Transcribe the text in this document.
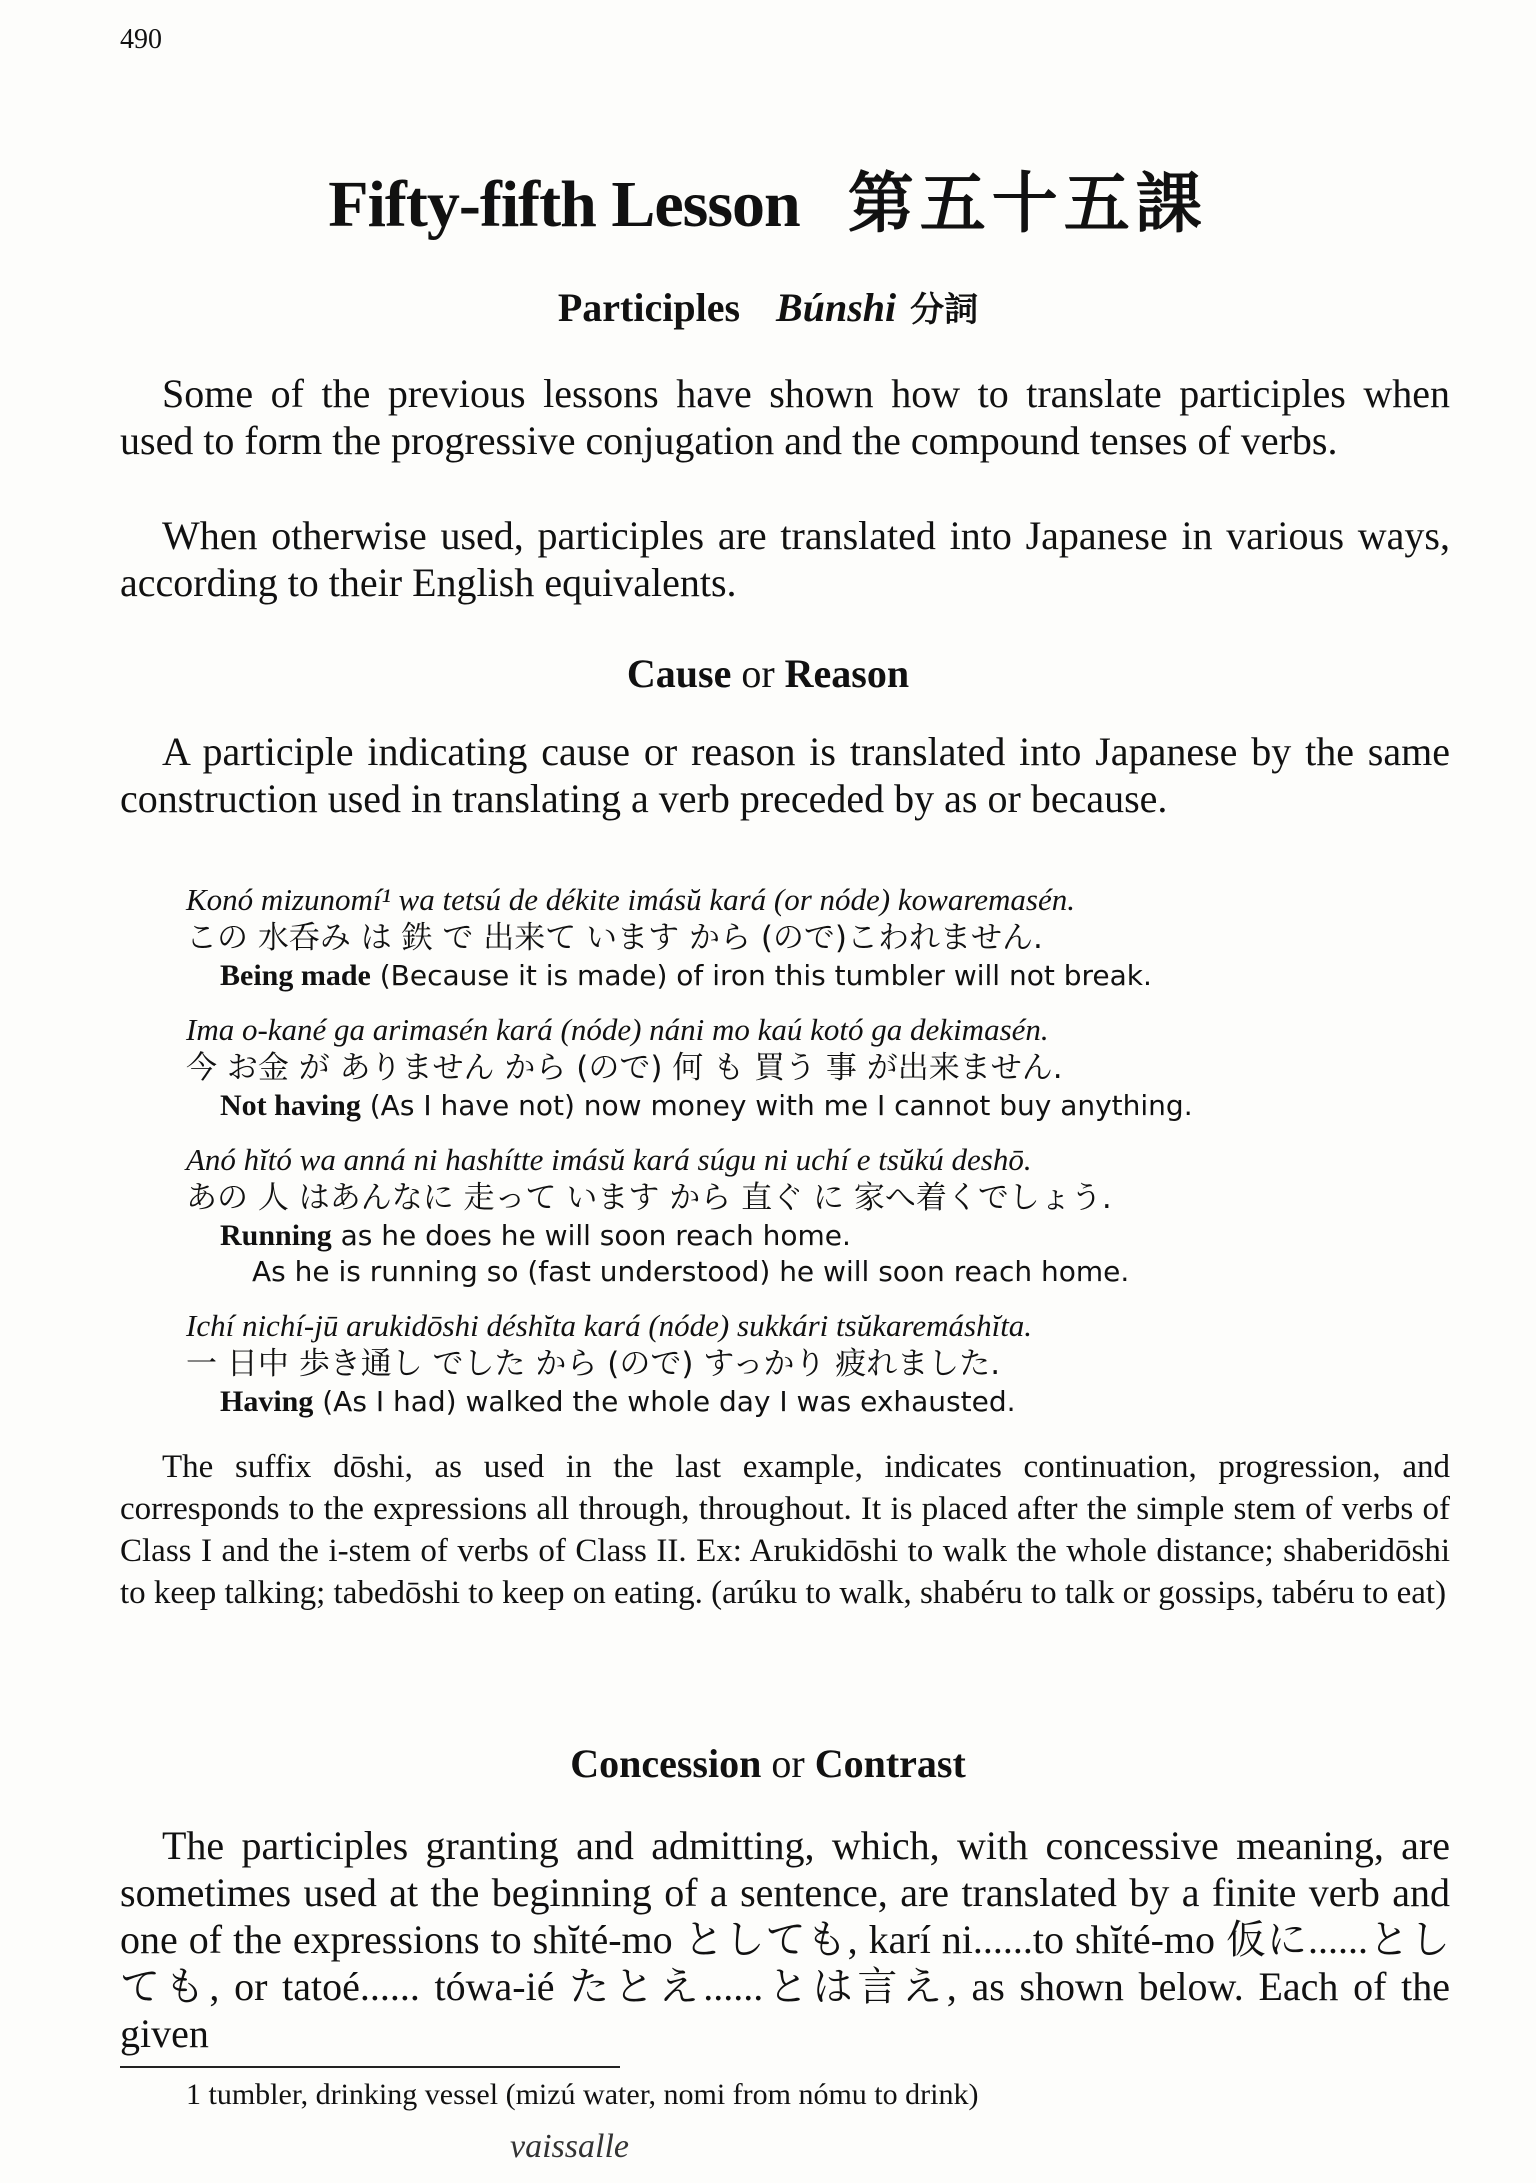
490
Fifty-fifth Lesson 第五十五課
Participles Búnshi 分詞
Some of the previous lessons have shown how to translate participles when used to form the progressive conjugation and the compound tenses of verbs.
When otherwise used, participles are translated into Japanese in various ways, according to their English equivalents.
Cause or Reason
A participle indicating cause or reason is translated into Japanese by the same construction used in translating a verb preceded by as or because.
Konó mizunomí¹ wa tetsú de dékite imásŭ kará (or nóde) kowaremasén.
この 水呑み は 鉄 で 出来て います から (ので)こわれません.
Being made (Because it is made) of iron this tumbler will not break.
Ima o-kané ga arimasén kará (nóde) náni mo kaú kotó ga dekimasén.
今 お金 が ありません から (ので) 何 も 買う 事 が出来ません.
Not having (As I have not) now money with me I cannot buy anything.
Anó hĭtó wa anná ni hashítte imásŭ kará súgu ni uchí e tsŭkú deshō.
あの 人 はあんなに 走って います から 直ぐ に 家へ着くでしょう.
Running as he does he will soon reach home.
As he is running so (fast understood) he will soon reach home.
Ichí nichí-jū arukidōshi déshĭta kará (nóde) sukkári tsŭkaremáshĭta.
一 日中 歩き通し でした から (ので) すっかり 疲れました.
Having (As I had) walked the whole day I was exhausted.
The suffix dōshi, as used in the last example, indicates continuation, progression, and corresponds to the expressions all through, throughout. It is placed after the simple stem of verbs of Class I and the i-stem of verbs of Class II. Ex: Arukidōshi to walk the whole distance; shaberidōshi to keep talking; tabedōshi to keep on eating. (arúku to walk, shabéru to talk or gossips, tabéru to eat)
Concession or Contrast
The participles granting and admitting, which, with concessive meaning, are sometimes used at the beginning of a sentence, are translated by a finite verb and one of the expressions to shĭté-mo としても, karí ni......to shĭté-mo 仮に......としても, or tatoé...... tówa-ié たとえ......とは言え, as shown below. Each of the given
1 tumbler, drinking vessel (mizú water, nomi from nómu to drink)
vaissalle
